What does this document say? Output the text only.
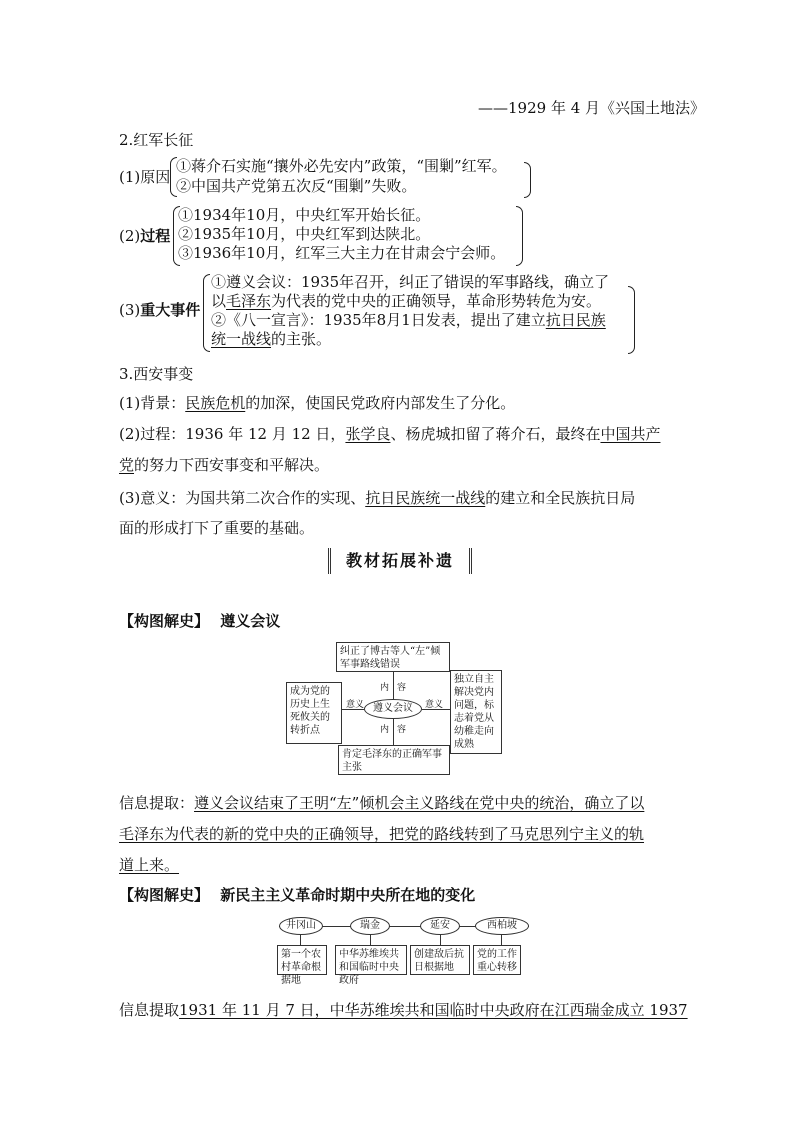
——1929 年 4 月《兴国土地法》
2.红军长征
(1)原因
①蒋介石实施“攘外必先安内”政策，“围剿”红军。
②中国共产党第五次反“围剿”失败。
(2)过程
①1934年10月，中央红军开始长征。
②1935年10月，中央红军到达陕北。
③1936年10月，红军三大主力在甘肃会宁会师。
(3)重大事件
①遵义会议：1935年召开，纠正了错误的军事路线，确立了
以毛泽东为代表的党中央的正确领导，革命形势转危为安。
②《八一宣言》：1935年8月1日发表，提出了建立抗日民族
统一战线的主张。
3.西安事变
(1)背景：民族危机的加深，使国民党政府内部发生了分化。
(2)过程：1936 年 12 月 12 日，张学良、杨虎城扣留了蒋介石，最终在中国共产
党的努力下西安事变和平解决。
(3)意义：为国共第二次合作的实现、抗日民族统一战线的建立和全民族抗日局
面的形成打下了重要的基础。
教材拓展补遗
【构图解史】 遵义会议
纠正了博古等人“左”倾军事路线错误
成为党的历史上生死攸关的转折点
独立自主解决党内问题，标志着党从幼稚走向成熟
肯定毛泽东的正确军事主张
遵义会议
内 容
内 容
意义	意义
信息提取：遵义会议结束了王明“左”倾机会主义路线在党中央的统治，确立了以
毛泽东为代表的新的党中央的正确领导，把党的路线转到了马克思列宁主义的轨
道上来。
【构图解史】 新民主主义革命时期中央所在地的变化
井冈山	瑞金	延安	西柏坡
第一个农村革命根据地
中华苏维埃共和国临时中央政府
创建敌后抗日根据地
党的工作重心转移
信息提取1931 年 11 月 7 日，中华苏维埃共和国临时中央政府在江西瑞金成立 1937
